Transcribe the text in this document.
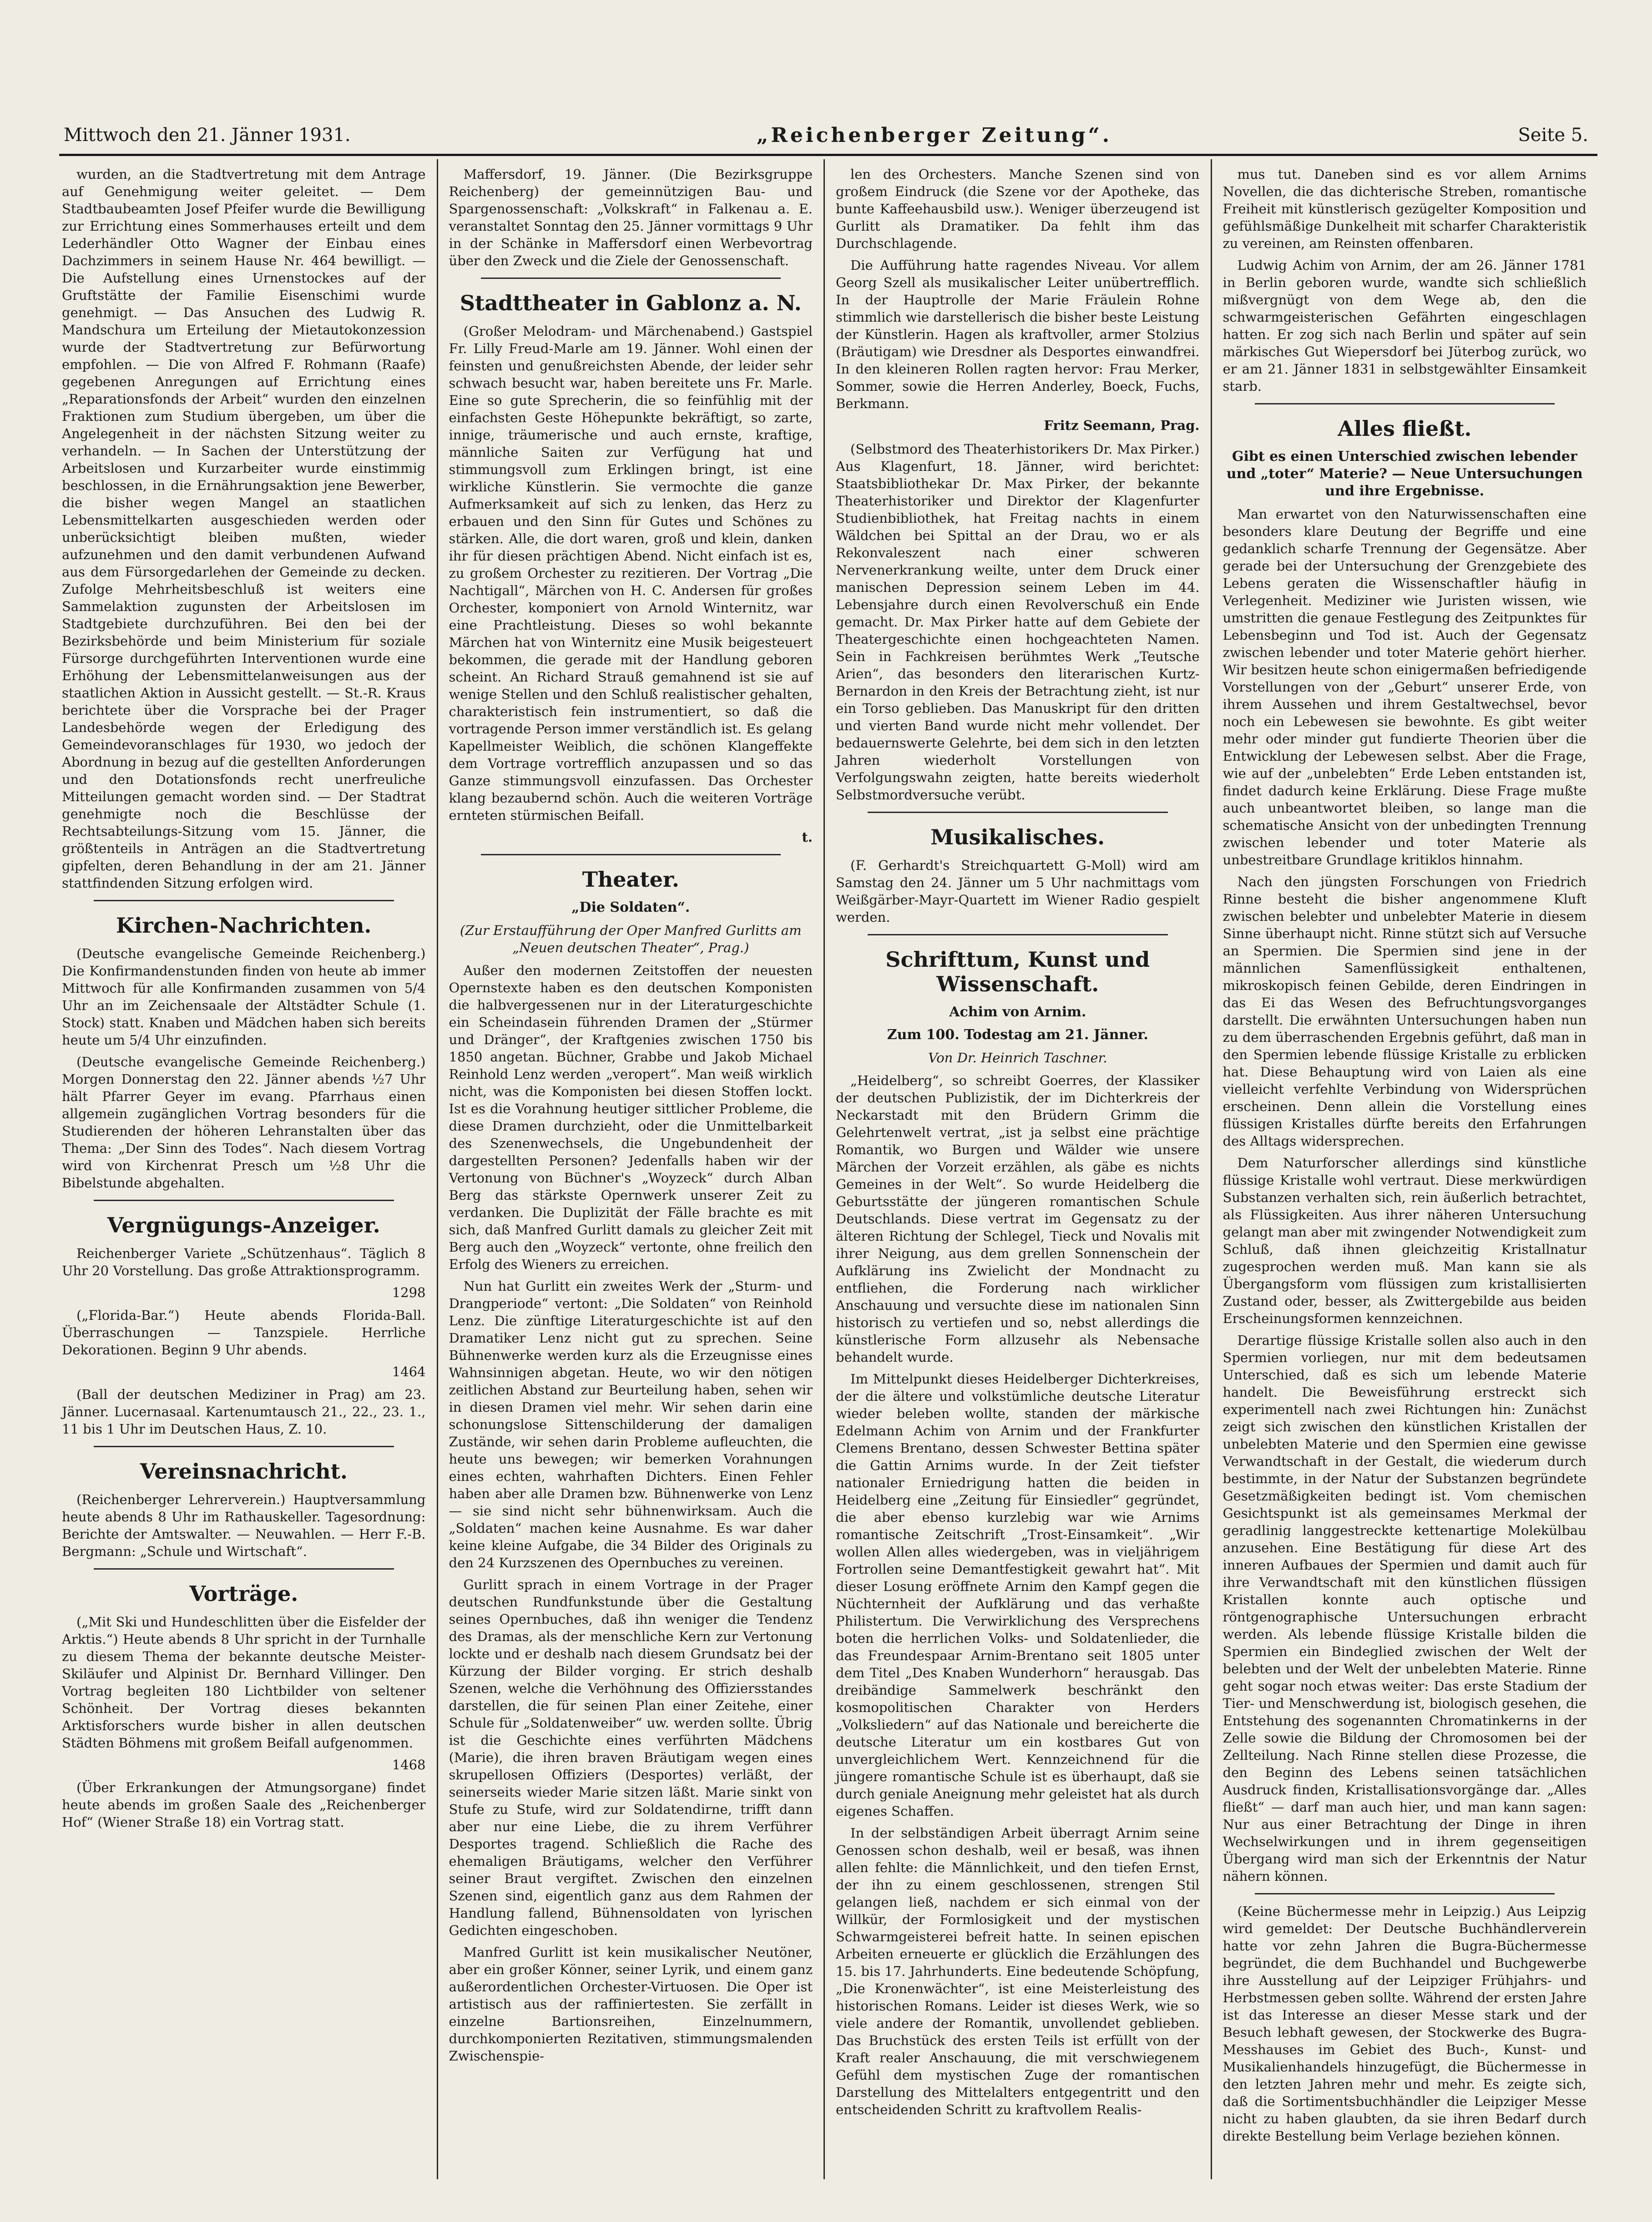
Mittwoch den 21. Jänner 1931.	„Reichenberger Zeitung“.	Seite 5.

wurden, an die Stadtvertretung mit dem Antrage auf Genehmigung weiter geleitet. — Dem Stadtbaubeamten Josef Pfeifer wurde die Bewilligung zur Errichtung eines Sommerhauses erteilt und dem Lederhändler Otto Wagner der Einbau eines Dachzimmers in seinem Hause Nr. 464 bewilligt. — Die Aufstellung eines Urnenstockes auf der Gruftstätte der Familie Eisenschimi wurde genehmigt. — Das Ansuchen des Ludwig R. Mandschura um Erteilung der Mietautokonzession wurde der Stadtvertretung zur Befürwortung empfohlen. — Die von Alfred F. Rohmann (Raafe) gegebenen Anregungen auf Errichtung eines „Reparationsfonds der Arbeit“ wurden den einzelnen Fraktionen zum Studium übergeben, um über die Angelegenheit in der nächsten Sitzung weiter zu verhandeln. — In Sachen der Unterstützung der Arbeitslosen und Kurzarbeiter wurde einstimmig beschlossen, in die Ernährungsaktion jene Bewerber, die bisher wegen Mangel an staatlichen Lebensmittelkarten ausgeschieden werden oder unberücksichtigt bleiben mußten, wieder aufzunehmen und den damit verbundenen Aufwand aus dem Fürsorgedarlehen der Gemeinde zu decken. Zufolge Mehrheitsbeschluß ist weiters eine Sammelaktion zugunsten der Arbeitslosen im Stadtgebiete durchzuführen. Bei den bei der Bezirksbehörde und beim Ministerium für soziale Fürsorge durchgeführten Interventionen wurde eine Erhöhung der Lebensmittelanweisungen aus der staatlichen Aktion in Aussicht gestellt. — St.-R. Kraus berichtete über die Vorsprache bei der Prager Landesbehörde wegen der Erledigung des Gemeindevoranschlages für 1930, wo jedoch der Abordnung in bezug auf die gestellten Anforderungen und den Dotationsfonds recht unerfreuliche Mitteilungen gemacht worden sind. — Der Stadtrat genehmigte noch die Beschlüsse der Rechtsabteilungs-Sitzung vom 15. Jänner, die größtenteils in Anträgen an die Stadtvertretung gipfelten, deren Behandlung in der am 21. Jänner stattfindenden Sitzung erfolgen wird.

Kirchen-Nachrichten.

(Deutsche evangelische Gemeinde Reichenberg.) Die Konfirmandenstunden finden von heute ab immer Mittwoch für alle Konfirmanden zusammen von 5/4 Uhr an im Zeichensaale der Altstädter Schule (1. Stock) statt. Knaben und Mädchen haben sich bereits heute um 5/4 Uhr einzufinden.

(Deutsche evangelische Gemeinde Reichenberg.) Morgen Donnerstag den 22. Jänner abends ½7 Uhr hält Pfarrer Geyer im evang. Pfarrhaus einen allgemein zugänglichen Vortrag besonders für die Studierenden der höheren Lehranstalten über das Thema: „Der Sinn des Todes“. Nach diesem Vortrag wird von Kirchenrat Presch um ½8 Uhr die Bibelstunde abgehalten.

Vergnügungs-Anzeiger.

Reichenberger Variete „Schützenhaus“. Täglich 8 Uhr 20 Vorstellung. Das große Attraktionsprogramm.

1298

(„Florida-Bar.“) Heute abends Florida-Ball. Überraschungen — Tanzspiele. Herrliche Dekorationen. Beginn 9 Uhr abends.

1464

(Ball der deutschen Mediziner in Prag) am 23. Jänner. Lucernasaal. Kartenumtausch 21., 22., 23. 1., 11 bis 1 Uhr im Deutschen Haus, Z. 10.

Vereinsnachricht.

(Reichenberger Lehrerverein.) Hauptversammlung heute abends 8 Uhr im Rathauskeller. Tagesordnung: Berichte der Amtswalter. — Neuwahlen. — Herr F.-B. Bergmann: „Schule und Wirtschaft“.

Vorträge.

(„Mit Ski und Hundeschlitten über die Eisfelder der Arktis.“) Heute abends 8 Uhr spricht in der Turnhalle zu diesem Thema der bekannte deutsche Meister-Skiläufer und Alpinist Dr. Bernhard Villinger. Den Vortrag begleiten 180 Lichtbilder von seltener Schönheit. Der Vortrag dieses bekannten Arktisforschers wurde bisher in allen deutschen Städten Böhmens mit großem Beifall aufgenommen.

1468

(Über Erkrankungen der Atmungsorgane) findet heute abends im großen Saale des „Reichenberger Hof“ (Wiener Straße 18) ein Vortrag statt.

Maffersdorf, 19. Jänner. (Die Bezirksgruppe Reichenberg) der gemeinnützigen Bau- und Spargenossenschaft: „Volkskraft“ in Falkenau a. E. veranstaltet Sonntag den 25. Jänner vormittags 9 Uhr in der Schänke in Maffersdorf einen Werbevortrag über den Zweck und die Ziele der Genossenschaft.

Stadttheater in Gablonz a. N.

(Großer Melodram- und Märchenabend.) Gastspiel Fr. Lilly Freud-Marle am 19. Jänner. Wohl einen der feinsten und genußreichsten Abende, der leider sehr schwach besucht war, haben bereitete uns Fr. Marle. Eine so gute Sprecherin, die so feinfühlig mit der einfachsten Geste Höhepunkte bekräftigt, so zarte, innige, träumerische und auch ernste, kraftige, männliche Saiten zur Verfügung hat und stimmungsvoll zum Erklingen bringt, ist eine wirkliche Künstlerin. Sie vermochte die ganze Aufmerksamkeit auf sich zu lenken, das Herz zu erbauen und den Sinn für Gutes und Schönes zu stärken. Alle, die dort waren, groß und klein, danken ihr für diesen prächtigen Abend. Nicht einfach ist es, zu großem Orchester zu rezitieren. Der Vortrag „Die Nachtigall“, Märchen von H. C. Andersen für großes Orchester, komponiert von Arnold Winternitz, war eine Prachtleistung. Dieses so wohl bekannte Märchen hat von Winternitz eine Musik beigesteuert bekommen, die gerade mit der Handlung geboren scheint. An Richard Strauß gemahnend ist sie auf wenige Stellen und den Schluß realistischer gehalten, charakteristisch fein instrumentiert, so daß die vortragende Person immer verständlich ist. Es gelang Kapellmeister Weiblich, die schönen Klangeffekte dem Vortrage vortrefflich anzupassen und so das Ganze stimmungsvoll einzufassen. Das Orchester klang bezaubernd schön. Auch die weiteren Vorträge ernteten stürmischen Beifall.

t.
Theater.
„Die Soldaten“.
(Zur Erstaufführung der Oper Manfred Gurlitts am „Neuen deutschen Theater“, Prag.)

Außer den modernen Zeitstoffen der neuesten Opernstexte haben es den deutschen Komponisten die halbvergessenen nur in der Literaturgeschichte ein Scheindasein führenden Dramen der „Stürmer und Dränger“, der Kraftgenies zwischen 1750 bis 1850 angetan. Büchner, Grabbe und Jakob Michael Reinhold Lenz werden „veropert“. Man weiß wirklich nicht, was die Komponisten bei diesen Stoffen lockt. Ist es die Vorahnung heutiger sittlicher Probleme, die diese Dramen durchzieht, oder die Unmittelbarkeit des Szenenwechsels, die Ungebundenheit der dargestellten Personen? Jedenfalls haben wir der Vertonung von Büchner's „Woyzeck“ durch Alban Berg das stärkste Opernwerk unserer Zeit zu verdanken. Die Duplizität der Fälle brachte es mit sich, daß Manfred Gurlitt damals zu gleicher Zeit mit Berg auch den „Woyzeck“ vertonte, ohne freilich den Erfolg des Wieners zu erreichen.

Nun hat Gurlitt ein zweites Werk der „Sturm- und Drangperiode“ vertont: „Die Soldaten“ von Reinhold Lenz. Die zünftige Literaturgeschichte ist auf den Dramatiker Lenz nicht gut zu sprechen. Seine Bühnenwerke werden kurz als die Erzeugnisse eines Wahnsinnigen abgetan. Heute, wo wir den nötigen zeitlichen Abstand zur Beurteilung haben, sehen wir in diesen Dramen viel mehr. Wir sehen darin eine schonungslose Sittenschilderung der damaligen Zustände, wir sehen darin Probleme aufleuchten, die heute uns bewegen; wir bemerken Vorahnungen eines echten, wahrhaften Dichters. Einen Fehler haben aber alle Dramen bzw. Bühnenwerke von Lenz — sie sind nicht sehr bühnenwirksam. Auch die „Soldaten“ machen keine Ausnahme. Es war daher keine kleine Aufgabe, die 34 Bilder des Originals zu den 24 Kurzszenen des Opernbuches zu vereinen.

Gurlitt sprach in einem Vortrage in der Prager deutschen Rundfunkstunde über die Gestaltung seines Opernbuches, daß ihn weniger die Tendenz des Dramas, als der menschliche Kern zur Vertonung lockte und er deshalb nach diesem Grundsatz bei der Kürzung der Bilder vorging. Er strich deshalb Szenen, welche die Verhöhnung des Offiziersstandes darstellen, die für seinen Plan einer Zeitehe, einer Schule für „Soldatenweiber“ uw. werden sollte. Übrig ist die Geschichte eines verführten Mädchens (Marie), die ihren braven Bräutigam wegen eines skrupellosen Offiziers (Desportes) verläßt, der seinerseits wieder Marie sitzen läßt. Marie sinkt von Stufe zu Stufe, wird zur Soldatendirne, trifft dann aber nur eine Liebe, die zu ihrem Verführer Desportes tragend. Schließlich die Rache des ehemaligen Bräutigams, welcher den Verführer seiner Braut vergiftet. Zwischen den einzelnen Szenen sind, eigentlich ganz aus dem Rahmen der Handlung fallend, Bühnensoldaten von lyrischen Gedichten eingeschoben.

Manfred Gurlitt ist kein musikalischer Neutöner, aber ein großer Könner, seiner Lyrik, und einem ganz außerordentlichen Orchester-Virtuosen. Die Oper ist artistisch aus der raffiniertesten. Sie zerfällt in einzelne Bartionsreihen, Einzelnummern, durchkomponierten Rezitativen, stimmungsmalenden Zwischenspie-

len des Orchesters. Manche Szenen sind von großem Eindruck (die Szene vor der Apotheke, das bunte Kaffeehausbild usw.). Weniger überzeugend ist Gurlitt als Dramatiker. Da fehlt ihm das Durchschlagende.

Die Aufführung hatte ragendes Niveau. Vor allem Georg Szell als musikalischer Leiter unübertrefflich. In der Hauptrolle der Marie Fräulein Rohne stimmlich wie darstellerisch die bisher beste Leistung der Künstlerin. Hagen als kraftvoller, armer Stolzius (Bräutigam) wie Dresdner als Desportes einwandfrei. In den kleineren Rollen ragten hervor: Frau Merker, Sommer, sowie die Herren Anderley, Boeck, Fuchs, Berkmann.

Fritz Seemann, Prag.

(Selbstmord des Theaterhistorikers Dr. Max Pirker.) Aus Klagenfurt, 18. Jänner, wird berichtet: Staatsbibliothekar Dr. Max Pirker, der bekannte Theaterhistoriker und Direktor der Klagenfurter Studienbibliothek, hat Freitag nachts in einem Wäldchen bei Spittal an der Drau, wo er als Rekonvaleszent nach einer schweren Nervenerkrankung weilte, unter dem Druck einer manischen Depression seinem Leben im 44. Lebensjahre durch einen Revolverschuß ein Ende gemacht. Dr. Max Pirker hatte auf dem Gebiete der Theatergeschichte einen hochgeachteten Namen. Sein in Fachkreisen berühmtes Werk „Teutsche Arien“, das besonders den literarischen Kurtz-Bernardon in den Kreis der Betrachtung zieht, ist nur ein Torso geblieben. Das Manuskript für den dritten und vierten Band wurde nicht mehr vollendet. Der bedauernswerte Gelehrte, bei dem sich in den letzten Jahren wiederholt Vorstellungen von Verfolgungswahn zeigten, hatte bereits wiederholt Selbstmordversuche verübt.

Musikalisches.

(F. Gerhardt's Streichquartett G-Moll) wird am Samstag den 24. Jänner um 5 Uhr nachmittags vom Weißgärber-Mayr-Quartett im Wiener Radio gespielt werden.

Schrifttum, Kunst und Wissenschaft.
Achim von Arnim.
Zum 100. Todestag am 21. Jänner.
Von Dr. Heinrich Taschner.

„Heidelberg“, so schreibt Goerres, der Klassiker der deutschen Publizistik, der im Dichterkreis der Neckarstadt mit den Brüdern Grimm die Gelehrtenwelt vertrat, „ist ja selbst eine prächtige Romantik, wo Burgen und Wälder wie unsere Märchen der Vorzeit erzählen, als gäbe es nichts Gemeines in der Welt“. So wurde Heidelberg die Geburtsstätte der jüngeren romantischen Schule Deutschlands. Diese vertrat im Gegensatz zu der älteren Richtung der Schlegel, Tieck und Novalis mit ihrer Neigung, aus dem grellen Sonnenschein der Aufklärung ins Zwielicht der Mondnacht zu entfliehen, die Forderung nach wirklicher Anschauung und versuchte diese im nationalen Sinn historisch zu vertiefen und so, nebst allerdings die künstlerische Form allzusehr als Nebensache behandelt wurde.

Im Mittelpunkt dieses Heidelberger Dichterkreises, der die ältere und volkstümliche deutsche Literatur wieder beleben wollte, standen der märkische Edelmann Achim von Arnim und der Frankfurter Clemens Brentano, dessen Schwester Bettina später die Gattin Arnims wurde. In der Zeit tiefster nationaler Erniedrigung hatten die beiden in Heidelberg eine „Zeitung für Einsiedler“ gegründet, die aber ebenso kurzlebig war wie Arnims romantische Zeitschrift „Trost-Einsamkeit“. „Wir wollen Allen alles wiedergeben, was in vieljährigem Fortrollen seine Demantfestigkeit gewahrt hat“. Mit dieser Losung eröffnete Arnim den Kampf gegen die Nüchternheit der Aufklärung und das verhaßte Philistertum. Die Verwirklichung des Versprechens boten die herrlichen Volks- und Soldatenlieder, die das Freundespaar Arnim-Brentano seit 1805 unter dem Titel „Des Knaben Wunderhorn“ herausgab. Das dreibändige Sammelwerk beschränkt den kosmopolitischen Charakter von Herders „Volksliedern“ auf das Nationale und bereicherte die deutsche Literatur um ein kostbares Gut von unvergleichlichem Wert. Kennzeichnend für die jüngere romantische Schule ist es überhaupt, daß sie durch geniale Aneignung mehr geleistet hat als durch eigenes Schaffen.

In der selbständigen Arbeit überragt Arnim seine Genossen schon deshalb, weil er besaß, was ihnen allen fehlte: die Männlichkeit, und den tiefen Ernst, der ihn zu einem geschlossenen, strengen Stil gelangen ließ, nachdem er sich einmal von der Willkür, der Formlosigkeit und der mystischen Schwarmgeisterei befreit hatte. In seinen epischen Arbeiten erneuerte er glücklich die Erzählungen des 15. bis 17. Jahrhunderts. Eine bedeutende Schöpfung, „Die Kronenwächter“, ist eine Meisterleistung des historischen Romans. Leider ist dieses Werk, wie so viele andere der Romantik, unvollendet geblieben. Das Bruchstück des ersten Teils ist erfüllt von der Kraft realer Anschauung, die mit verschwiegenem Gefühl dem mystischen Zuge der romantischen Darstellung des Mittelalters entgegentritt und den entscheidenden Schritt zu kraftvollem Realis-

mus tut. Daneben sind es vor allem Arnims Novellen, die das dichterische Streben, romantische Freiheit mit künstlerisch gezügelter Komposition und gefühlsmäßige Dunkelheit mit scharfer Charakteristik zu vereinen, am Reinsten offenbaren.

Ludwig Achim von Arnim, der am 26. Jänner 1781 in Berlin geboren wurde, wandte sich schließlich mißvergnügt von dem Wege ab, den die schwarmgeisterischen Gefährten eingeschlagen hatten. Er zog sich nach Berlin und später auf sein märkisches Gut Wiepersdorf bei Jüterbog zurück, wo er am 21. Jänner 1831 in selbstgewählter Einsamkeit starb.

Alles fließt.
Gibt es einen Unterschied zwischen lebender und „toter“ Materie? — Neue Untersuchungen und ihre Ergebnisse.

Man erwartet von den Naturwissenschaften eine besonders klare Deutung der Begriffe und eine gedanklich scharfe Trennung der Gegensätze. Aber gerade bei der Untersuchung der Grenzgebiete des Lebens geraten die Wissenschaftler häufig in Verlegenheit. Mediziner wie Juristen wissen, wie umstritten die genaue Festlegung des Zeitpunktes für Lebensbeginn und Tod ist. Auch der Gegensatz zwischen lebender und toter Materie gehört hierher. Wir besitzen heute schon einigermaßen befriedigende Vorstellungen von der „Geburt“ unserer Erde, von ihrem Aussehen und ihrem Gestaltwechsel, bevor noch ein Lebewesen sie bewohnte. Es gibt weiter mehr oder minder gut fundierte Theorien über die Entwicklung der Lebewesen selbst. Aber die Frage, wie auf der „unbelebten“ Erde Leben entstanden ist, findet dadurch keine Erklärung. Diese Frage mußte auch unbeantwortet bleiben, so lange man die schematische Ansicht von der unbedingten Trennung zwischen lebender und toter Materie als unbestreitbare Grundlage kritiklos hinnahm.

Nach den jüngsten Forschungen von Friedrich Rinne besteht die bisher angenommene Kluft zwischen belebter und unbelebter Materie in diesem Sinne überhaupt nicht. Rinne stützt sich auf Versuche an Spermien. Die Spermien sind jene in der männlichen Samenflüssigkeit enthaltenen, mikroskopisch feinen Gebilde, deren Eindringen in das Ei das Wesen des Befruchtungsvorganges darstellt. Die erwähnten Untersuchungen haben nun zu dem überraschenden Ergebnis geführt, daß man in den Spermien lebende flüssige Kristalle zu erblicken hat. Diese Behauptung wird von Laien als eine vielleicht verfehlte Verbindung von Widersprüchen erscheinen. Denn allein die Vorstellung eines flüssigen Kristalles dürfte bereits den Erfahrungen des Alltags widersprechen.

Dem Naturforscher allerdings sind künstliche flüssige Kristalle wohl vertraut. Diese merkwürdigen Substanzen verhalten sich, rein äußerlich betrachtet, als Flüssigkeiten. Aus ihrer näheren Untersuchung gelangt man aber mit zwingender Notwendigkeit zum Schluß, daß ihnen gleichzeitig Kristallnatur zugesprochen werden muß. Man kann sie als Übergangsform vom flüssigen zum kristallisierten Zustand oder, besser, als Zwittergebilde aus beiden Erscheinungsformen kennzeichnen.

Derartige flüssige Kristalle sollen also auch in den Spermien vorliegen, nur mit dem bedeutsamen Unterschied, daß es sich um lebende Materie handelt. Die Beweisführung erstreckt sich experimentell nach zwei Richtungen hin: Zunächst zeigt sich zwischen den künstlichen Kristallen der unbelebten Materie und den Spermien eine gewisse Verwandtschaft in der Gestalt, die wiederum durch bestimmte, in der Natur der Substanzen begründete Gesetzmäßigkeiten bedingt ist. Vom chemischen Gesichtspunkt ist als gemeinsames Merkmal der geradlinig langgestreckte kettenartige Molekülbau anzusehen. Eine Bestätigung für diese Art des inneren Aufbaues der Spermien und damit auch für ihre Verwandtschaft mit den künstlichen flüssigen Kristallen konnte auch optische und röntgenographische Untersuchungen erbracht werden. Als lebende flüssige Kristalle bilden die Spermien ein Bindeglied zwischen der Welt der belebten und der Welt der unbelebten Materie. Rinne geht sogar noch etwas weiter: Das erste Stadium der Tier- und Menschwerdung ist, biologisch gesehen, die Entstehung des sogenannten Chromatinkerns in der Zelle sowie die Bildung der Chromosomen bei der Zellteilung. Nach Rinne stellen diese Prozesse, die den Beginn des Lebens seinen tatsächlichen Ausdruck finden, Kristallisationsvorgänge dar. „Alles fließt“ — darf man auch hier, und man kann sagen: Nur aus einer Betrachtung der Dinge in ihren Wechselwirkungen und in ihrem gegenseitigen Übergang wird man sich der Erkenntnis der Natur nähern können.

(Keine Büchermesse mehr in Leipzig.) Aus Leipzig wird gemeldet: Der Deutsche Buchhändlerverein hatte vor zehn Jahren die Bugra-Büchermesse begründet, die dem Buchhandel und Buchgewerbe ihre Ausstellung auf der Leipziger Frühjahrs- und Herbstmessen geben sollte. Während der ersten Jahre ist das Interesse an dieser Messe stark und der Besuch lebhaft gewesen, der Stockwerke des Bugra-Messhauses im Gebiet des Buch-, Kunst- und Musikalienhandels hinzugefügt, die Büchermesse in den letzten Jahren mehr und mehr. Es zeigte sich, daß die Sortimentsbuchhändler die Leipziger Messe nicht zu haben glaubten, da sie ihren Bedarf durch direkte Bestellung beim Verlage beziehen können.
